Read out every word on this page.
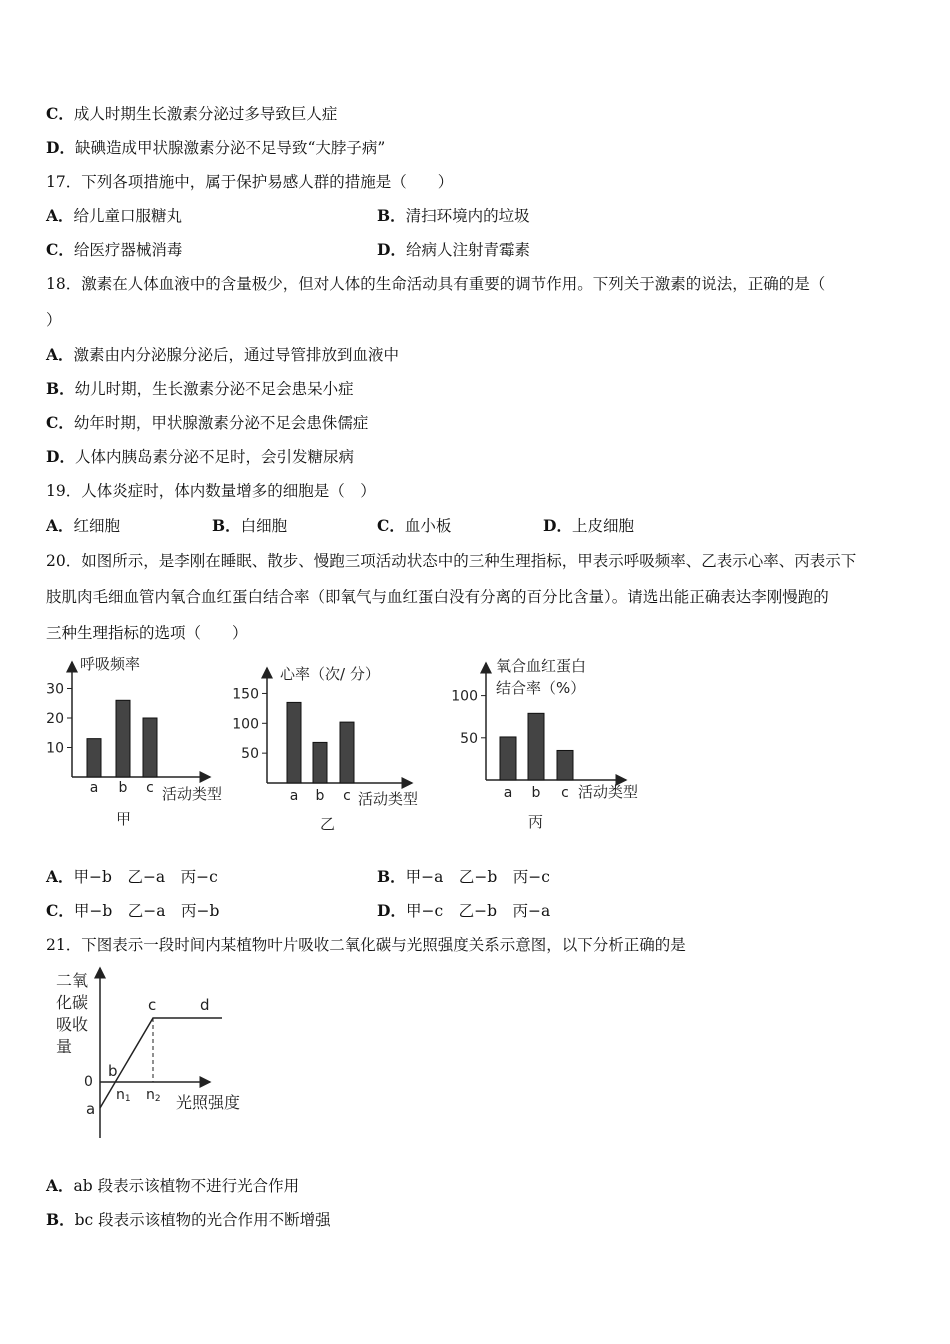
C．成人时期生长激素分泌过多导致巨人症
D．缺碘造成甲状腺激素分泌不足导致“大脖子病”
17．下列各项措施中，属于保护易感人群的措施是（　　）
A．给儿童口服糖丸	B．清扫环境内的垃圾
C．给医疗器械消毒	D．给病人注射青霉素
18．激素在人体血液中的含量极少，但对人体的生命活动具有重要的调节作用。下列关于激素的说法，正确的是（
）
A．激素由内分泌腺分泌后，通过导管排放到血液中
B．幼儿时期，生长激素分泌不足会患呆小症
C．幼年时期，甲状腺激素分泌不足会患侏儒症
D．人体内胰岛素分泌不足时，会引发糖尿病
19．人体炎症时，体内数量增多的细胞是（　）
A．红细胞	B．白细胞	C．血小板	D．上皮细胞
20．如图所示，是李刚在睡眠、散步、慢跑三项活动状态中的三种生理指标，甲表示呼吸频率、乙表示心率、丙表示下
肢肌肉毛细血管内氧合血红蛋白结合率（即氧气与血红蛋白没有分离的百分比含量）。请选出能正确表达李刚慢跑的
三种生理指标的选项（　　）
呼吸频率
活动类型
甲
10
20
30
a b c
心率（次/ 分）
活动类型
乙
50
100
150
a b c
氧合血红蛋白
结合率（%）
活动类型
丙
50
100
a b c
A．甲−b　乙−a　丙−c	B．甲−a　乙−b　丙−c
C．甲−b　乙−a　丙−b	D．甲−c　乙−b　丙−a
21．下图表示一段时间内某植物叶片吸收二氧化碳与光照强度关系示意图，以下分析正确的是
二氧
化碳
吸收
量
0
a
b
c	d
n1 n2 光照强度
A．ab 段表示该植物不进行光合作用
B．bc 段表示该植物的光合作用不断增强
